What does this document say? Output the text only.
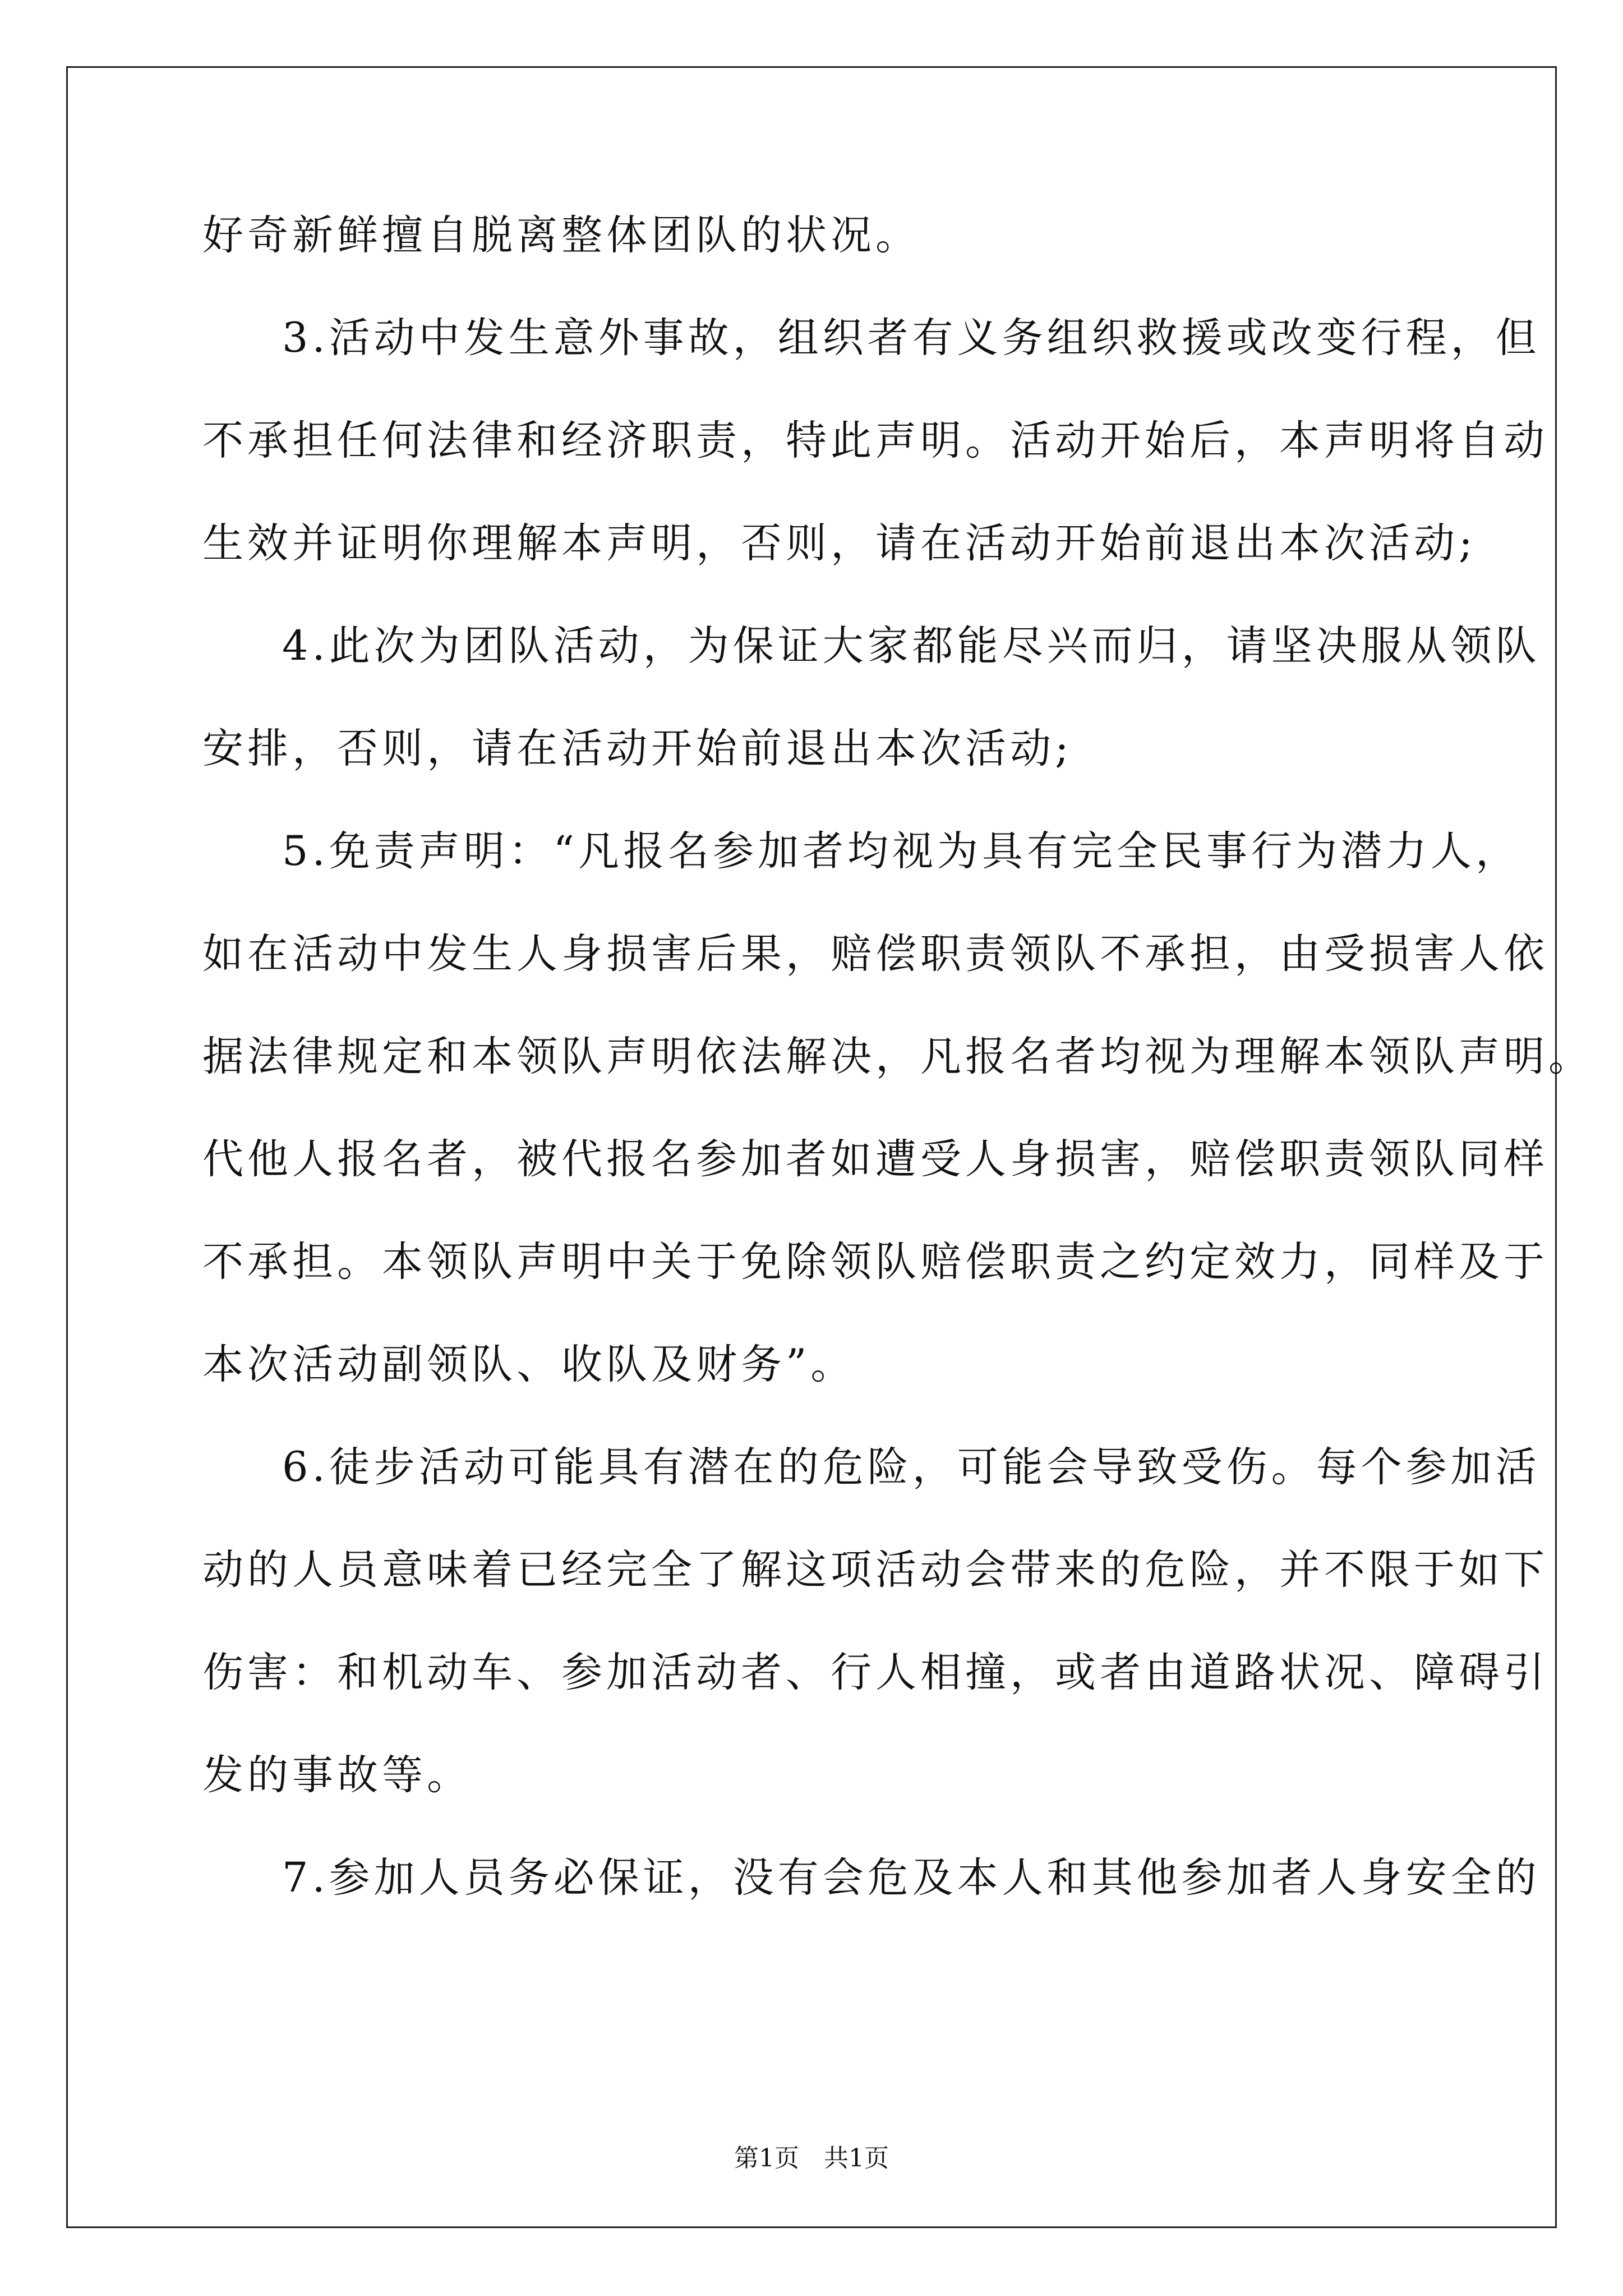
好奇新鲜擅自脱离整体团队的状况。
3.活动中发生意外事故，组织者有义务组织救援或改变行程，但
不承担任何法律和经济职责，特此声明。活动开始后，本声明将自动
生效并证明你理解本声明，否则，请在活动开始前退出本次活动;
4.此次为团队活动，为保证大家都能尽兴而归，请坚决服从领队
安排，否则，请在活动开始前退出本次活动;
5.免责声明：“凡报名参加者均视为具有完全民事行为潜力人，
如在活动中发生人身损害后果，赔偿职责领队不承担，由受损害人依
据法律规定和本领队声明依法解决，凡报名者均视为理解本领队声明。
代他人报名者，被代报名参加者如遭受人身损害，赔偿职责领队同样
不承担。本领队声明中关于免除领队赔偿职责之约定效力，同样及于
本次活动副领队、收队及财务”。
6.徒步活动可能具有潜在的危险，可能会导致受伤。每个参加活
动的人员意味着已经完全了解这项活动会带来的危险，并不限于如下
伤害：和机动车、参加活动者、行人相撞，或者由道路状况、障碍引
发的事故等。
7.参加人员务必保证，没有会危及本人和其他参加者人身安全的
第1页　共1页
